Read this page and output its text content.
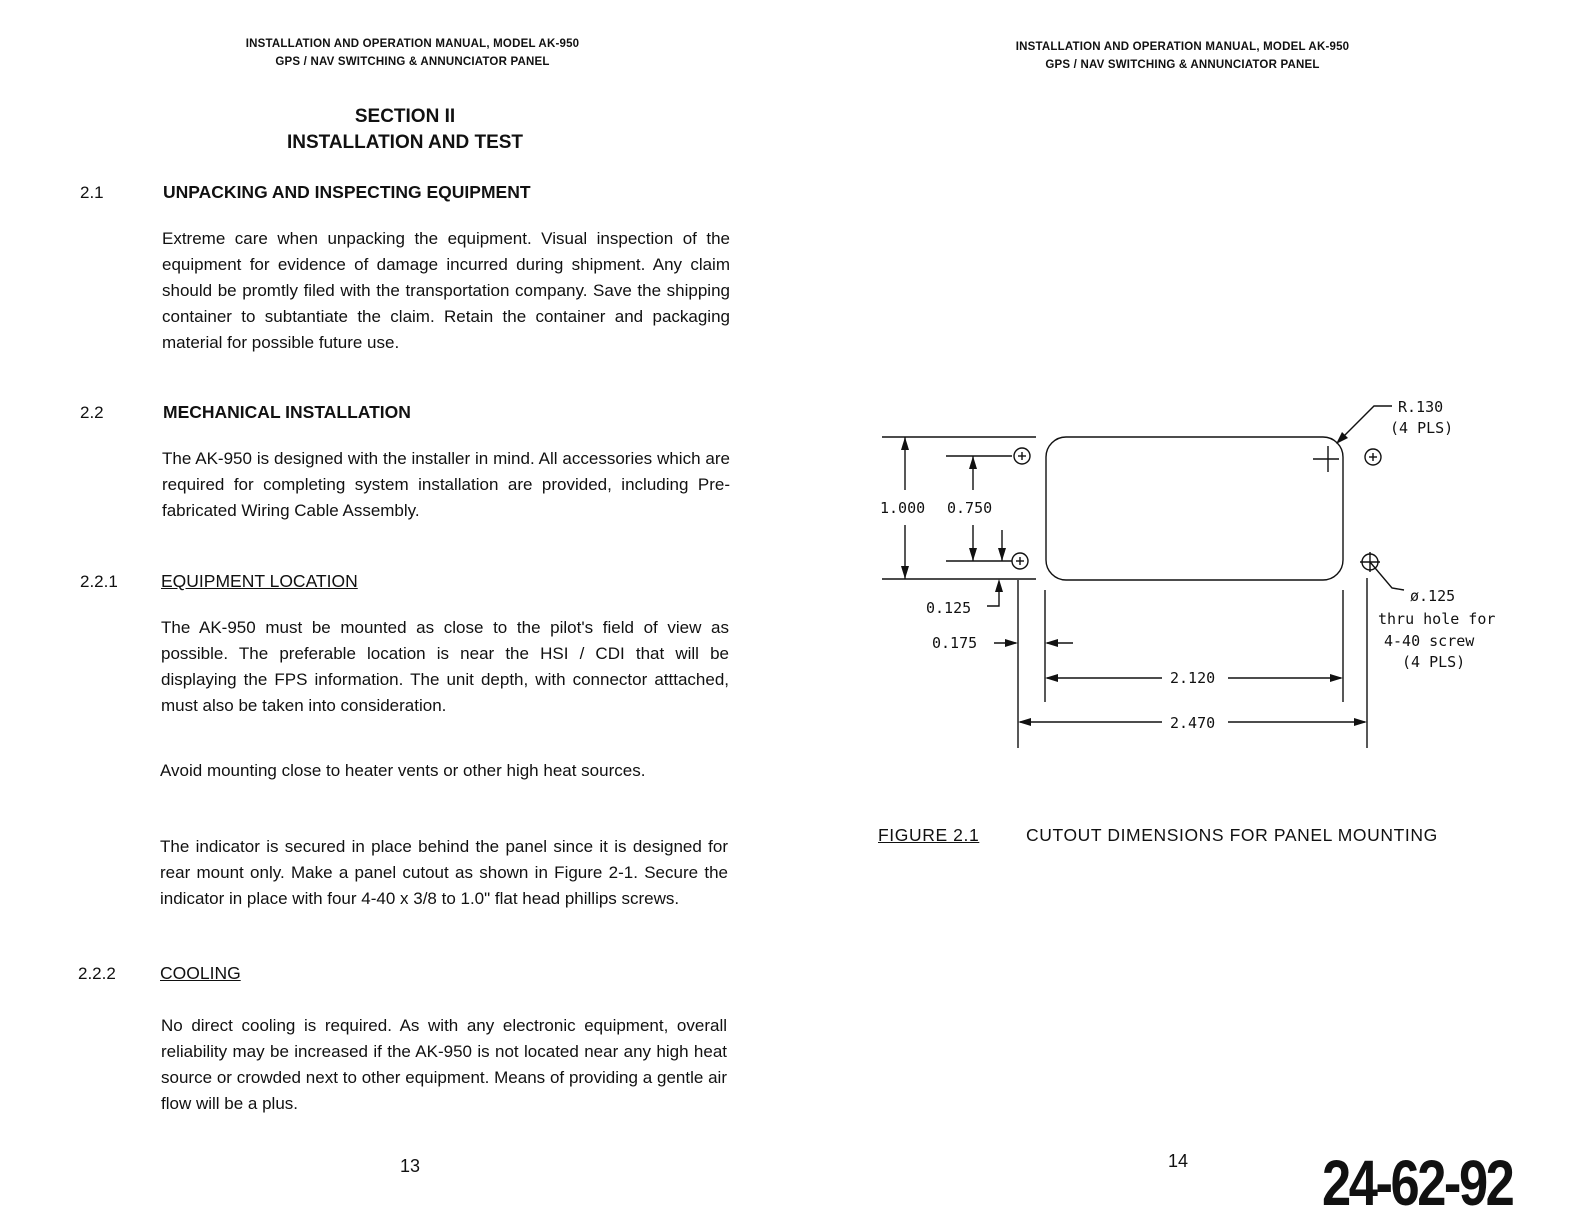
INSTALLATION AND OPERATION MANUAL, MODEL AK-950
GPS / NAV SWITCHING & ANNUNCIATOR PANEL
SECTION II
INSTALLATION AND TEST
2.1	UNPACKING AND INSPECTING EQUIPMENT
Extreme care when unpacking the equipment. Visual inspection of the equipment for evidence of damage incurred during shipment. Any claim should be promtly filed with the transportation company. Save the shipping container to subtantiate the claim. Retain the container and packaging material for possible future use.
2.2	MECHANICAL INSTALLATION
The AK-950 is designed with the installer in mind. All accessories which are required for completing system installation are provided, including Pre-fabricated Wiring Cable Assembly.
2.2.1 EQUIPMENT LOCATION
The AK-950 must be mounted as close to the pilot's field of view as possible. The preferable location is near the HSI / CDI that will be displaying the FPS information. The unit depth, with connector atttached, must also be taken into consideration.
Avoid mounting close to heater vents or other high heat sources.
The indicator is secured in place behind the panel since it is designed for rear mount only. Make a panel cutout as shown in Figure 2-1. Secure the indicator in place with four 4-40 x 3/8 to 1.0" flat head phillips screws.
2.2.2	COOLING
No direct cooling is required. As with any electronic equipment, overall reliability may be increased if the AK-950 is not located near any high heat source or crowded next to other equipment. Means of providing a gentle air flow will be a plus.
13
INSTALLATION AND OPERATION MANUAL, MODEL AK-950
GPS / NAV SWITCHING & ANNUNCIATOR PANEL
R.130
(4 PLS)
1.000 0.750
0.125
0.175
2.120
2.470
ø.125
thru hole for
4-40 screw
(4 PLS)
FIGURE 2.1	CUTOUT DIMENSIONS FOR PANEL MOUNTING
14 24-62-92
